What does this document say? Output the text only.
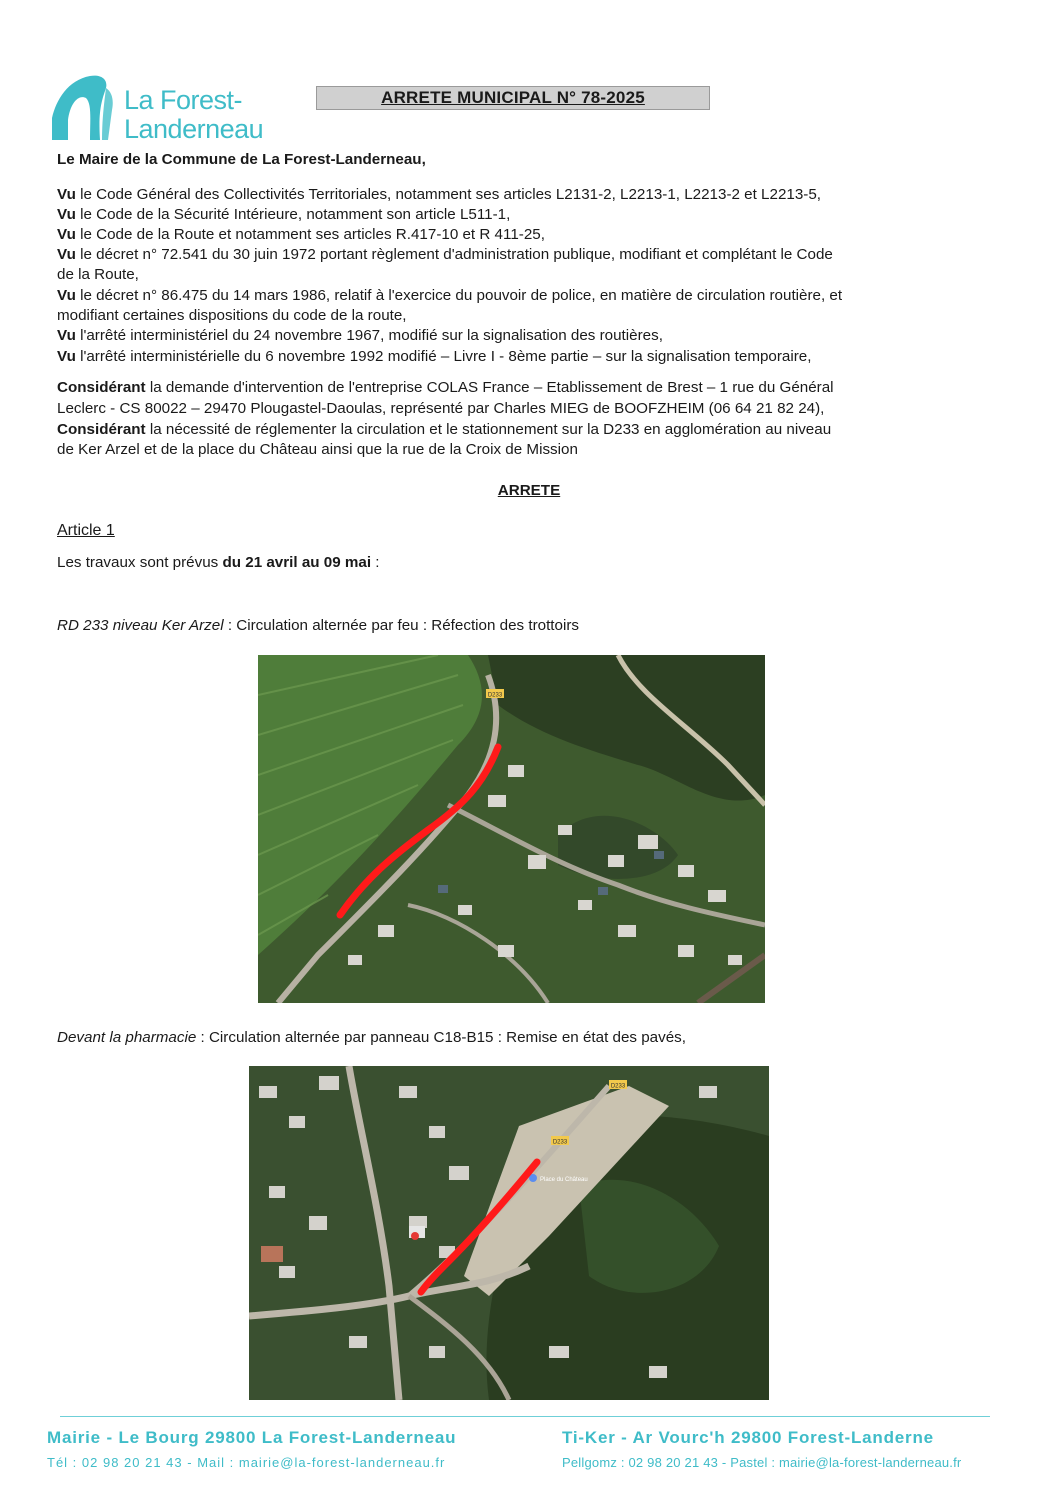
La Forest-
Landerneau
ARRETE MUNICIPAL N° 78-2025
Le Maire de la Commune de La Forest-Landerneau,
Vu le Code Général des Collectivités Territoriales, notamment ses articles L2131-2, L2213-1, L2213-2 et L2213-5,
Vu le Code de la Sécurité Intérieure, notamment son article L511-1,
Vu le Code de la Route et notamment ses articles R.417-10 et R 411-25,
Vu le décret n° 72.541 du 30 juin 1972 portant règlement d'administration publique, modifiant et complétant le Code
de la Route,
Vu le décret n° 86.475 du 14 mars 1986, relatif à l'exercice du pouvoir de police, en matière de circulation routière, et
modifiant certaines dispositions du code de la route,
Vu l'arrêté interministériel du 24 novembre 1967, modifié sur la signalisation des routières,
Vu l'arrêté interministérielle du 6 novembre 1992 modifié – Livre I - 8ème partie – sur la signalisation temporaire,
Considérant la demande d'intervention de l'entreprise COLAS France – Etablissement de Brest – 1 rue du Général
Leclerc - CS 80022 – 29470 Plougastel-Daoulas, représenté par Charles MIEG de BOOFZHEIM (06 64 21 82 24),
Considérant la nécessité de réglementer la circulation et le stationnement sur la D233 en agglomération au niveau
de Ker Arzel et de la place du Château ainsi que la rue de la Croix de Mission
ARRETE
Article 1
Les travaux sont prévus du 21 avril au 09 mai :
RD 233 niveau Ker Arzel : Circulation alternée par feu : Réfection des trottoirs
D233
Devant la pharmacie : Circulation alternée par panneau C18-B15 : Remise en état des pavés,
D233
D233
Place du Château
Mairie - Le Bourg 29800 La Forest-Landerneau
Tél : 02 98 20 21 43 - Mail : mairie@la-forest-landerneau.fr
Ti-Ker - Ar Vourc'h 29800 Forest-Landerne
Pellgomz : 02 98 20 21 43 - Pastel : mairie@la-forest-landerneau.fr
